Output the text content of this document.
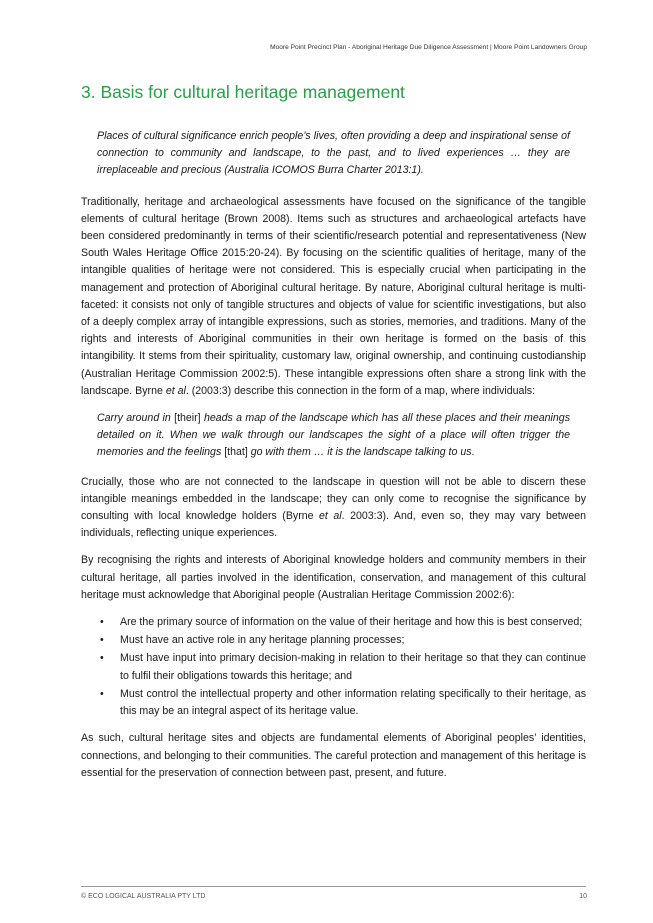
Moore Point Precinct Plan - Aboriginal Heritage Due Diligence Assessment | Moore Point Landowners Group
3. Basis for cultural heritage management

Places of cultural significance enrich people’s lives, often providing a deep and inspirational sense of connection to community and landscape, to the past, and to lived experiences … they are irreplaceable and precious (Australia ICOMOS Burra Charter 2013:1).

Traditionally, heritage and archaeological assessments have focused on the significance of the tangible elements of cultural heritage (Brown 2008). Items such as structures and archaeological artefacts have been considered predominantly in terms of their scientific/research potential and representativeness (New South Wales Heritage Office 2015:20-24). By focusing on the scientific qualities of heritage, many of the intangible qualities of heritage were not considered. This is especially crucial when participating in the management and protection of Aboriginal cultural heritage. By nature, Aboriginal cultural heritage is multi-faceted: it consists not only of tangible structures and objects of value for scientific investigations, but also of a deeply complex array of intangible expressions, such as stories, memories, and traditions. Many of the rights and interests of Aboriginal communities in their own heritage is formed on the basis of this intangibility. It stems from their spirituality, customary law, original ownership, and continuing custodianship (Australian Heritage Commission 2002:5). These intangible expressions often share a strong link with the landscape. Byrne et al. (2003:3) describe this connection in the form of a map, where individuals:

Carry around in [their] heads a map of the landscape which has all these places and their meanings detailed on it. When we walk through our landscapes the sight of a place will often trigger the memories and the feelings [that] go with them … it is the landscape talking to us.

Crucially, those who are not connected to the landscape in question will not be able to discern these intangible meanings embedded in the landscape; they can only come to recognise the significance by consulting with local knowledge holders (Byrne et al. 2003:3). And, even so, they may vary between individuals, reflecting unique experiences.

By recognising the rights and interests of Aboriginal knowledge holders and community members in their cultural heritage, all parties involved in the identification, conservation, and management of this cultural heritage must acknowledge that Aboriginal people (Australian Heritage Commission 2002:6):

• Are the primary source of information on the value of their heritage and how this is best conserved;
• Must have an active role in any heritage planning processes;
• Must have input into primary decision-making in relation to their heritage so that they can continue to fulfil their obligations towards this heritage; and
• Must control the intellectual property and other information relating specifically to their heritage, as this may be an integral aspect of its heritage value.

As such, cultural heritage sites and objects are fundamental elements of Aboriginal peoples’ identities, connections, and belonging to their communities. The careful protection and management of this heritage is essential for the preservation of connection between past, present, and future.

© ECO LOGICAL AUSTRALIA PTY LTD	10
